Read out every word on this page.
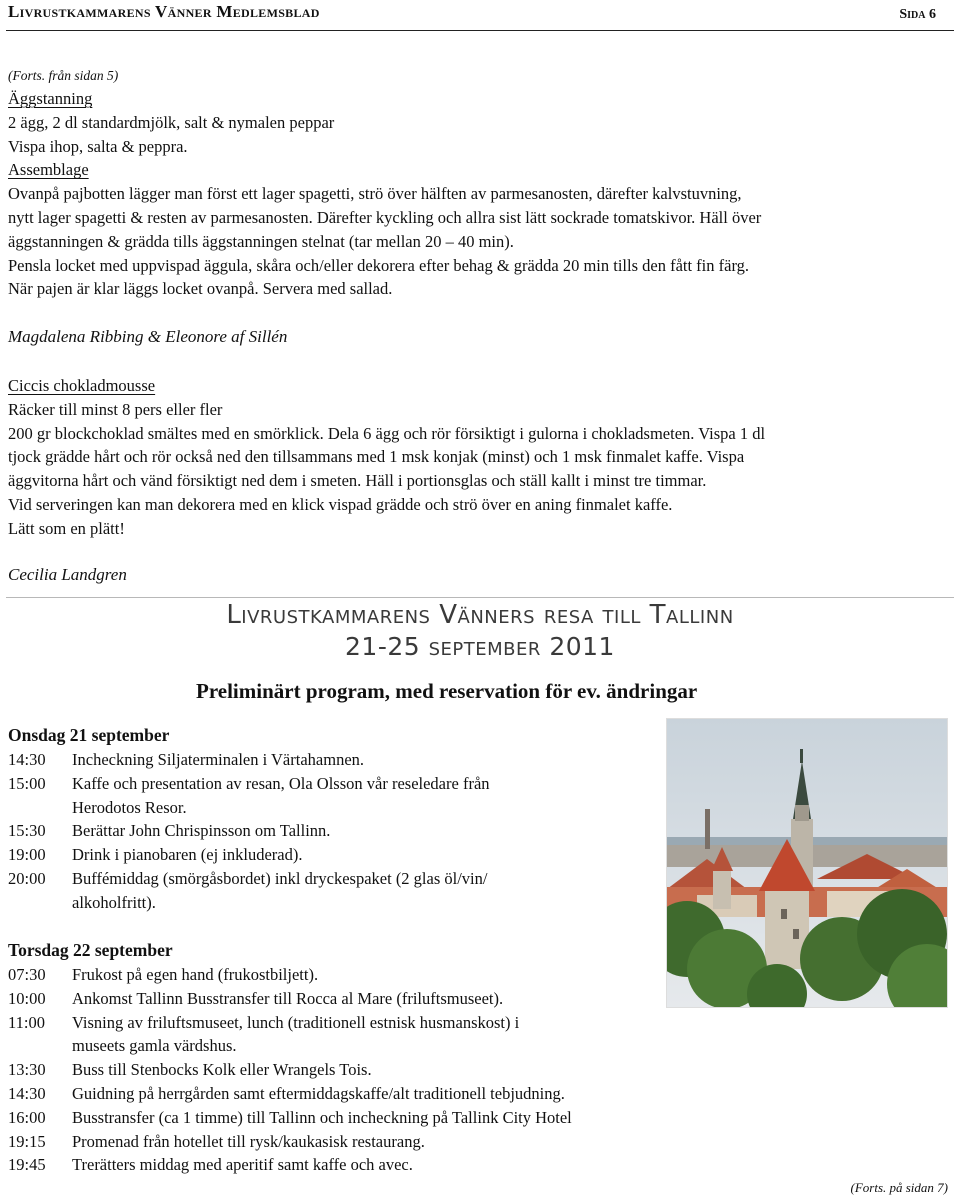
Livrustkammarens Vänner Medlemsblad	Sida 6
(Forts. från sidan 5)
Äggstanning
2 ägg, 2 dl standardmjölk, salt & nymalen peppar
Vispa ihop, salta & peppra.
Assemblage
Ovanpå pajbotten lägger man först ett lager spagetti, strö över hälften av parmesanosten, därefter kalvstuvning,
nytt lager spagetti & resten av parmesanosten. Därefter kyckling och allra sist lätt sockrade tomatskivor. Häll över
äggstanningen & grädda tills äggstanningen stelnat (tar mellan 20 – 40 min).
Pensla locket med uppvispad äggula, skåra och/eller dekorera efter behag & grädda 20 min tills den fått fin färg.
När pajen är klar läggs locket ovanpå. Servera med sallad.
Magdalena Ribbing & Eleonore af Sillén
Ciccis chokladmousse
Räcker till minst 8 pers eller fler
200 gr blockchoklad smältes med en smörklick. Dela 6 ägg och rör försiktigt i gulorna i chokladsmeten. Vispa 1 dl
tjock grädde hårt och rör också ned den tillsammans med 1 msk konjak (minst) och 1 msk finmalet kaffe. Vispa
äggvitorna hårt och vänd försiktigt ned dem i smeten. Häll i portionsglas och ställ kallt i minst tre timmar.
Vid serveringen kan man dekorera med en klick vispad grädde och strö över en aning finmalet kaffe.
Lätt som en plätt!
Cecilia Landgren
Livrustkammarens Vänners resa till Tallinn
21-25 september 2011
Preliminärt program, med reservation för ev. ändringar
Onsdag 21 september
14:30	Incheckning Siljaterminalen i Värtahamnen.
15:00	Kaffe och presentation av resan, Ola Olsson vår reseledare från
Herodotos Resor.
15:30	Berättar John Chrispinsson om Tallinn.
19:00	Drink i pianobaren (ej inkluderad).
20:00	Buffémiddag (smörgåsbordet) inkl dryckespaket (2 glas öl/vin/
alkoholfritt).
Torsdag 22 september
07:30	Frukost på egen hand (frukostbiljett).
10:00	Ankomst Tallinn Busstransfer till Rocca al Mare (friluftsmuseet).
11:00	Visning av friluftsmuseet, lunch (traditionell estnisk husmanskost) i
museets gamla värdshus.
13:30	Buss till Stenbocks Kolk eller Wrangels Tois.
14:30	Guidning på herrgården samt eftermiddagskaffe/alt traditionell tebjudning.
16:00	Busstransfer (ca 1 timme) till Tallinn och incheckning på Tallink City Hotel
19:15	Promenad från hotellet till rysk/kaukasisk restaurang.
19:45	Trerätters middag med aperitif samt kaffe och avec.
(Forts. på sidan 7)
